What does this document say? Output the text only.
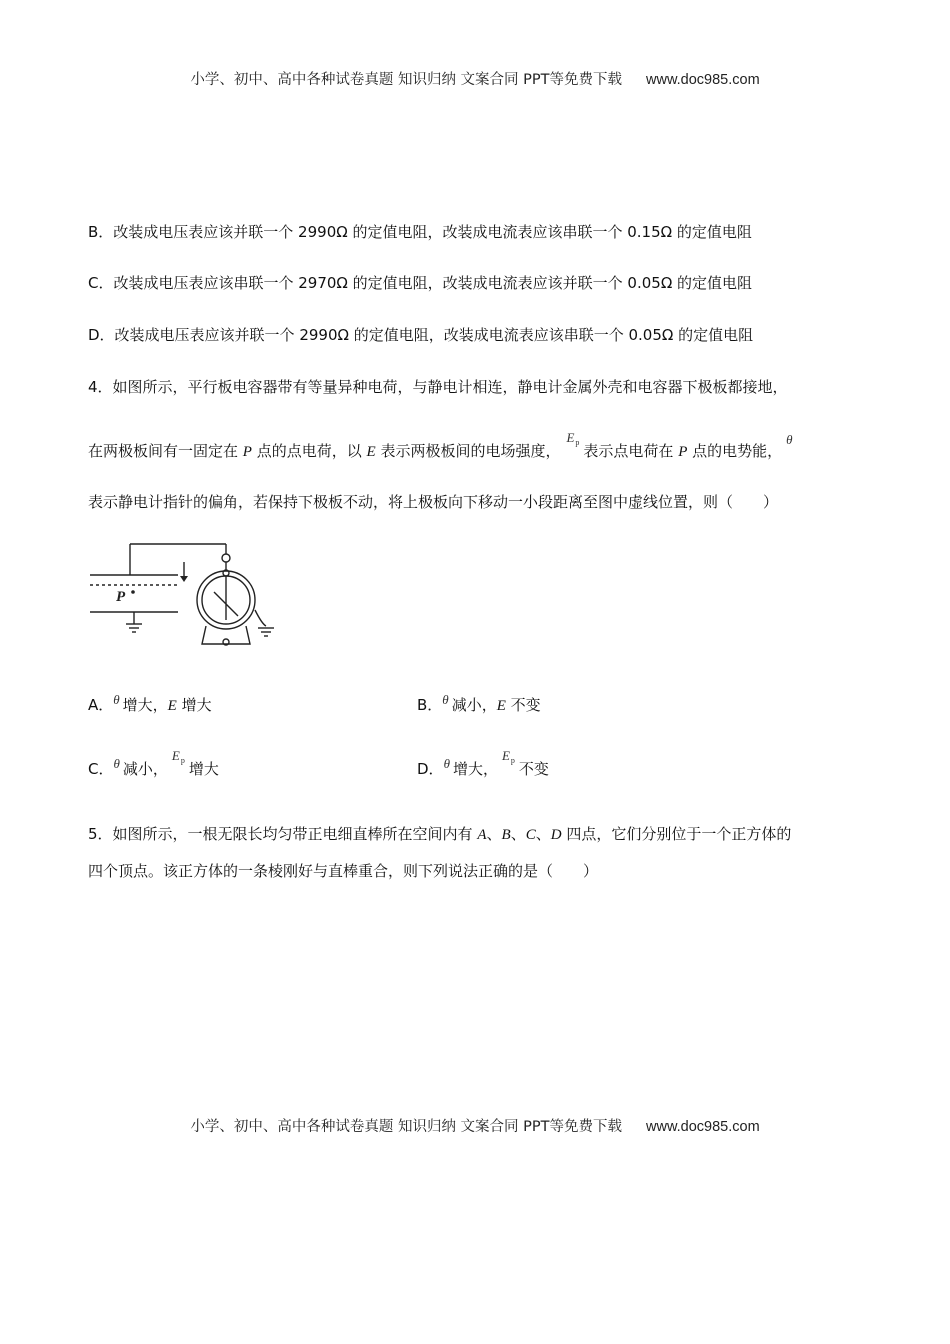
小学、初中、高中各种试卷真题 知识归纳 文案合同 PPT等免费下载 www.doc985.com
B．改装成电压表应该并联一个 2990Ω 的定值电阻，改装成电流表应该串联一个 0.15Ω 的定值电阻
C．改装成电压表应该串联一个 2970Ω 的定值电阻，改装成电流表应该并联一个 0.05Ω 的定值电阻
D．改装成电压表应该并联一个 2990Ω 的定值电阻，改装成电流表应该串联一个 0.05Ω 的定值电阻
4．如图所示，平行板电容器带有等量异种电荷，与静电计相连，静电计金属外壳和电容器下极板都接地，
在两极板间有一固定在 P 点的点电荷，以 E 表示两极板间的电场强度，$E_p$ 表示点电荷在 P 点的电势能，θ
表示静电计指针的偏角，若保持下极板不动，将上极板向下移动一小段距离至图中虚线位置，则（　　）
P
A．θ 增大，E 增大	B．θ 减小，E 不变
C．θ 减小，$E_p$ 增大	D．θ 增大，$E_p$ 不变
5．如图所示，一根无限长均匀带正电细直棒所在空间内有 A、B、C、D 四点，它们分别位于一个正方体的
四个顶点。该正方体的一条棱刚好与直棒重合，则下列说法正确的是（　　）
小学、初中、高中各种试卷真题 知识归纳 文案合同 PPT等免费下载 www.doc985.com
